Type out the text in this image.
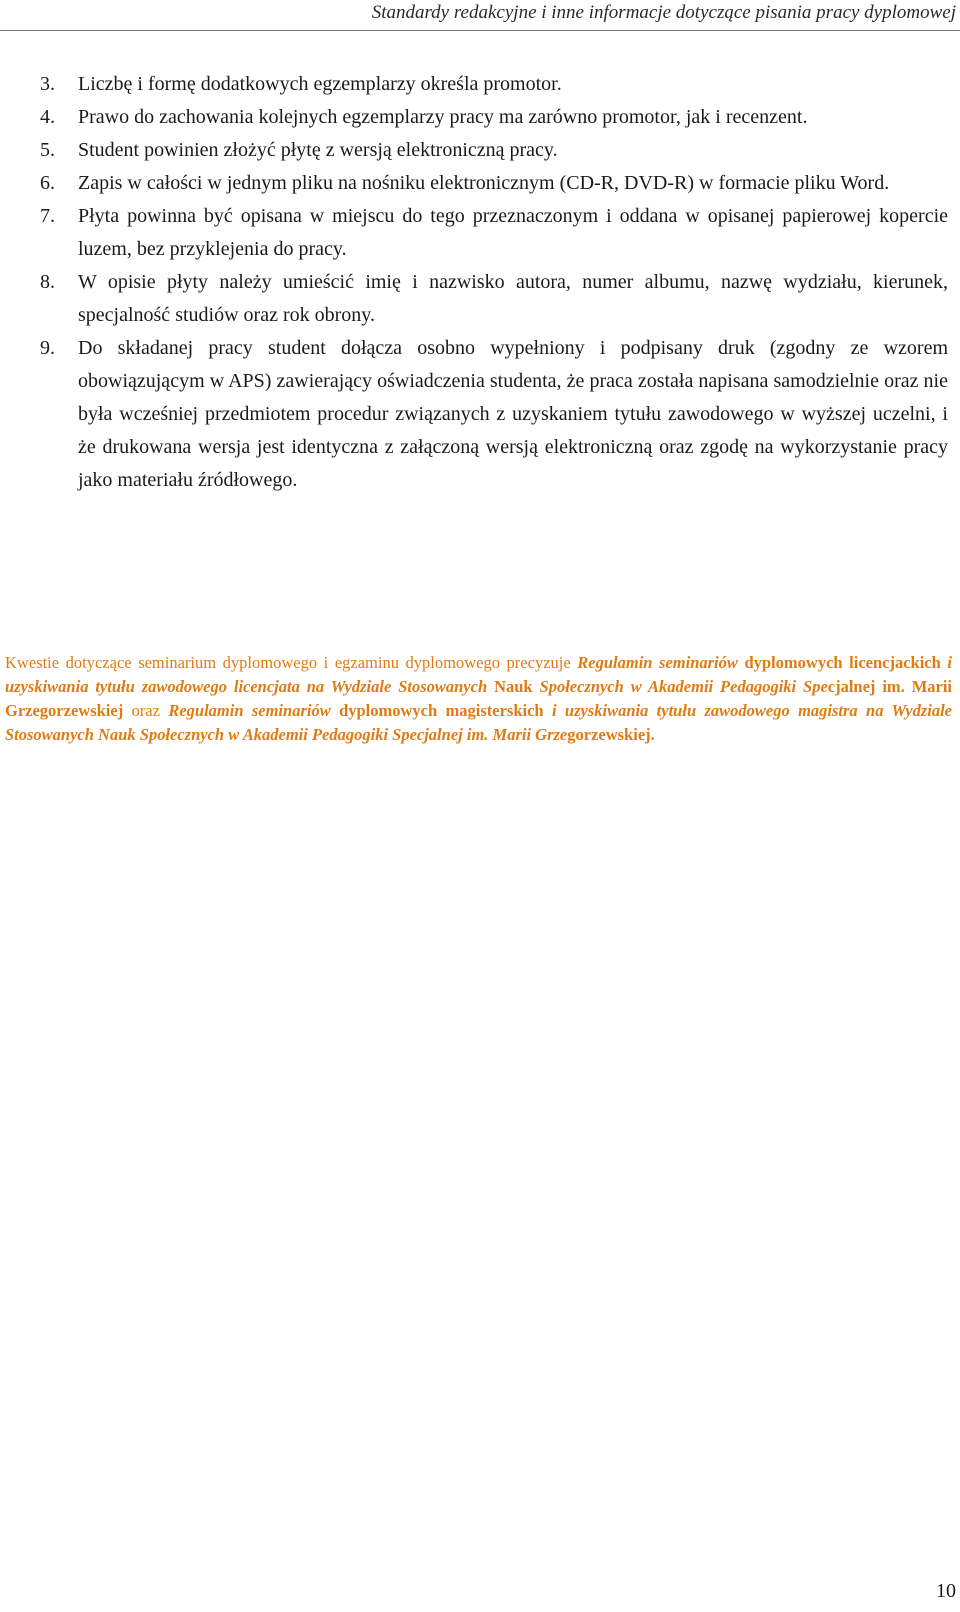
Standardy redakcyjne i inne informacje dotyczące pisania pracy dyplomowej
3. Liczbę i formę dodatkowych egzemplarzy określa promotor.
4. Prawo do zachowania kolejnych egzemplarzy pracy ma zarówno promotor, jak i recenzent.
5. Student powinien złożyć płytę z wersją elektroniczną pracy.
6. Zapis w całości w jednym pliku na nośniku elektronicznym (CD-R, DVD-R) w formacie pliku Word.
7. Płyta powinna być opisana w miejscu do tego przeznaczonym i oddana w opisanej papierowej kopercie luzem, bez przyklejenia do pracy.
8. W opisie płyty należy umieścić imię i nazwisko autora, numer albumu, nazwę wydziału, kierunek, specjalność studiów oraz rok obrony.
9. Do składanej pracy student dołącza osobno wypełniony i podpisany druk (zgodny ze wzorem obowiązującym w APS) zawierający oświadczenia studenta, że praca została napisana samodzielnie oraz nie była wcześniej przedmiotem procedur związanych z uzyskaniem tytułu zawodowego w wyższej uczelni, i że drukowana wersja jest identyczna z załączoną wersją elektroniczną oraz zgodę na wykorzystanie pracy jako materiału źródłowego.

Kwestie dotyczące seminarium dyplomowego i egzaminu dyplomowego precyzuje Regulamin seminariów dyplomowych licencjackich i uzyskiwania tytułu zawodowego licencjata na Wydziale Stosowanych Nauk Społecznych w Akademii Pedagogiki Specjalnej im. Marii Grzegorzewskiej oraz Regulamin seminariów dyplomowych magisterskich i uzyskiwania tytułu zawodowego magistra na Wydziale Stosowanych Nauk Społecznych w Akademii Pedagogiki Specjalnej im. Marii Grzegorzewskiej.

10
